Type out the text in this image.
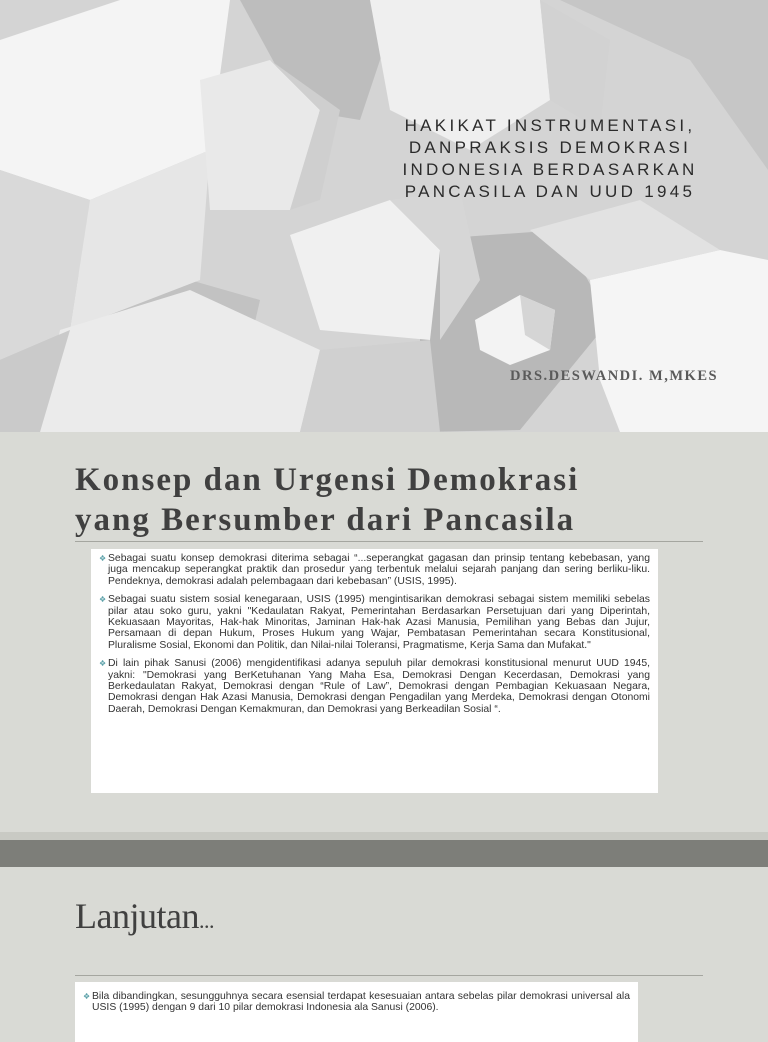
HAKIKAT INSTRUMENTASI,
DANPRAKSIS DEMOKRASI
INDONESIA BERDASARKAN
PANCASILA DAN UUD 1945
DRS.DESWANDI. M,MKES
Konsep dan Urgensi Demokrasi
yang Bersumber dari Pancasila
❖ Sebagai suatu konsep demokrasi diterima sebagai “...seperangkat gagasan dan prinsip tentang kebebasan, yang juga mencakup seperangkat praktik dan prosedur yang terbentuk melalui sejarah panjang dan sering berliku-liku. Pendeknya, demokrasi adalah pelembagaan dari kebebasan” (USIS, 1995).
❖ Sebagai suatu sistem sosial kenegaraan, USIS (1995) mengintisarikan demokrasi sebagai sistem memiliki sebelas pilar atau soko guru, yakni "Kedaulatan Rakyat, Pemerintahan Berdasarkan Persetujuan dari yang Diperintah, Kekuasaan Mayoritas, Hak-hak Minoritas, Jaminan Hak-hak Azasi Manusia, Pemilihan yang Bebas dan Jujur, Persamaan di depan Hukum, Proses Hukum yang Wajar, Pembatasan Pemerintahan secara Konstitusional, Pluralisme Sosial, Ekonomi dan Politik, dan Nilai-nilai Toleransi, Pragmatisme, Kerja Sama dan Mufakat."
❖ Di lain pihak Sanusi (2006) mengidentifikasi adanya sepuluh pilar demokrasi konstitusional menurut UUD 1945, yakni: "Demokrasi yang BerKetuhanan Yang Maha Esa, Demokrasi Dengan Kecerdasan, Demokrasi yang Berkedaulatan Rakyat, Demokrasi dengan “Rule of Law”, Demokrasi dengan Pembagian Kekuasaan Negara, Demokrasi dengan Hak Azasi Manusia, Demokrasi dengan Pengadilan yang Merdeka, Demokrasi dengan Otonomi Daerah, Demokrasi Dengan Kemakmuran, dan Demokrasi yang Berkeadilan Sosial “.
Lanjutan...
❖ Bila dibandingkan, sesungguhnya secara esensial terdapat kesesuaian antara sebelas pilar demokrasi universal ala USIS (1995) dengan 9 dari 10 pilar demokrasi Indonesia ala Sanusi (2006).
